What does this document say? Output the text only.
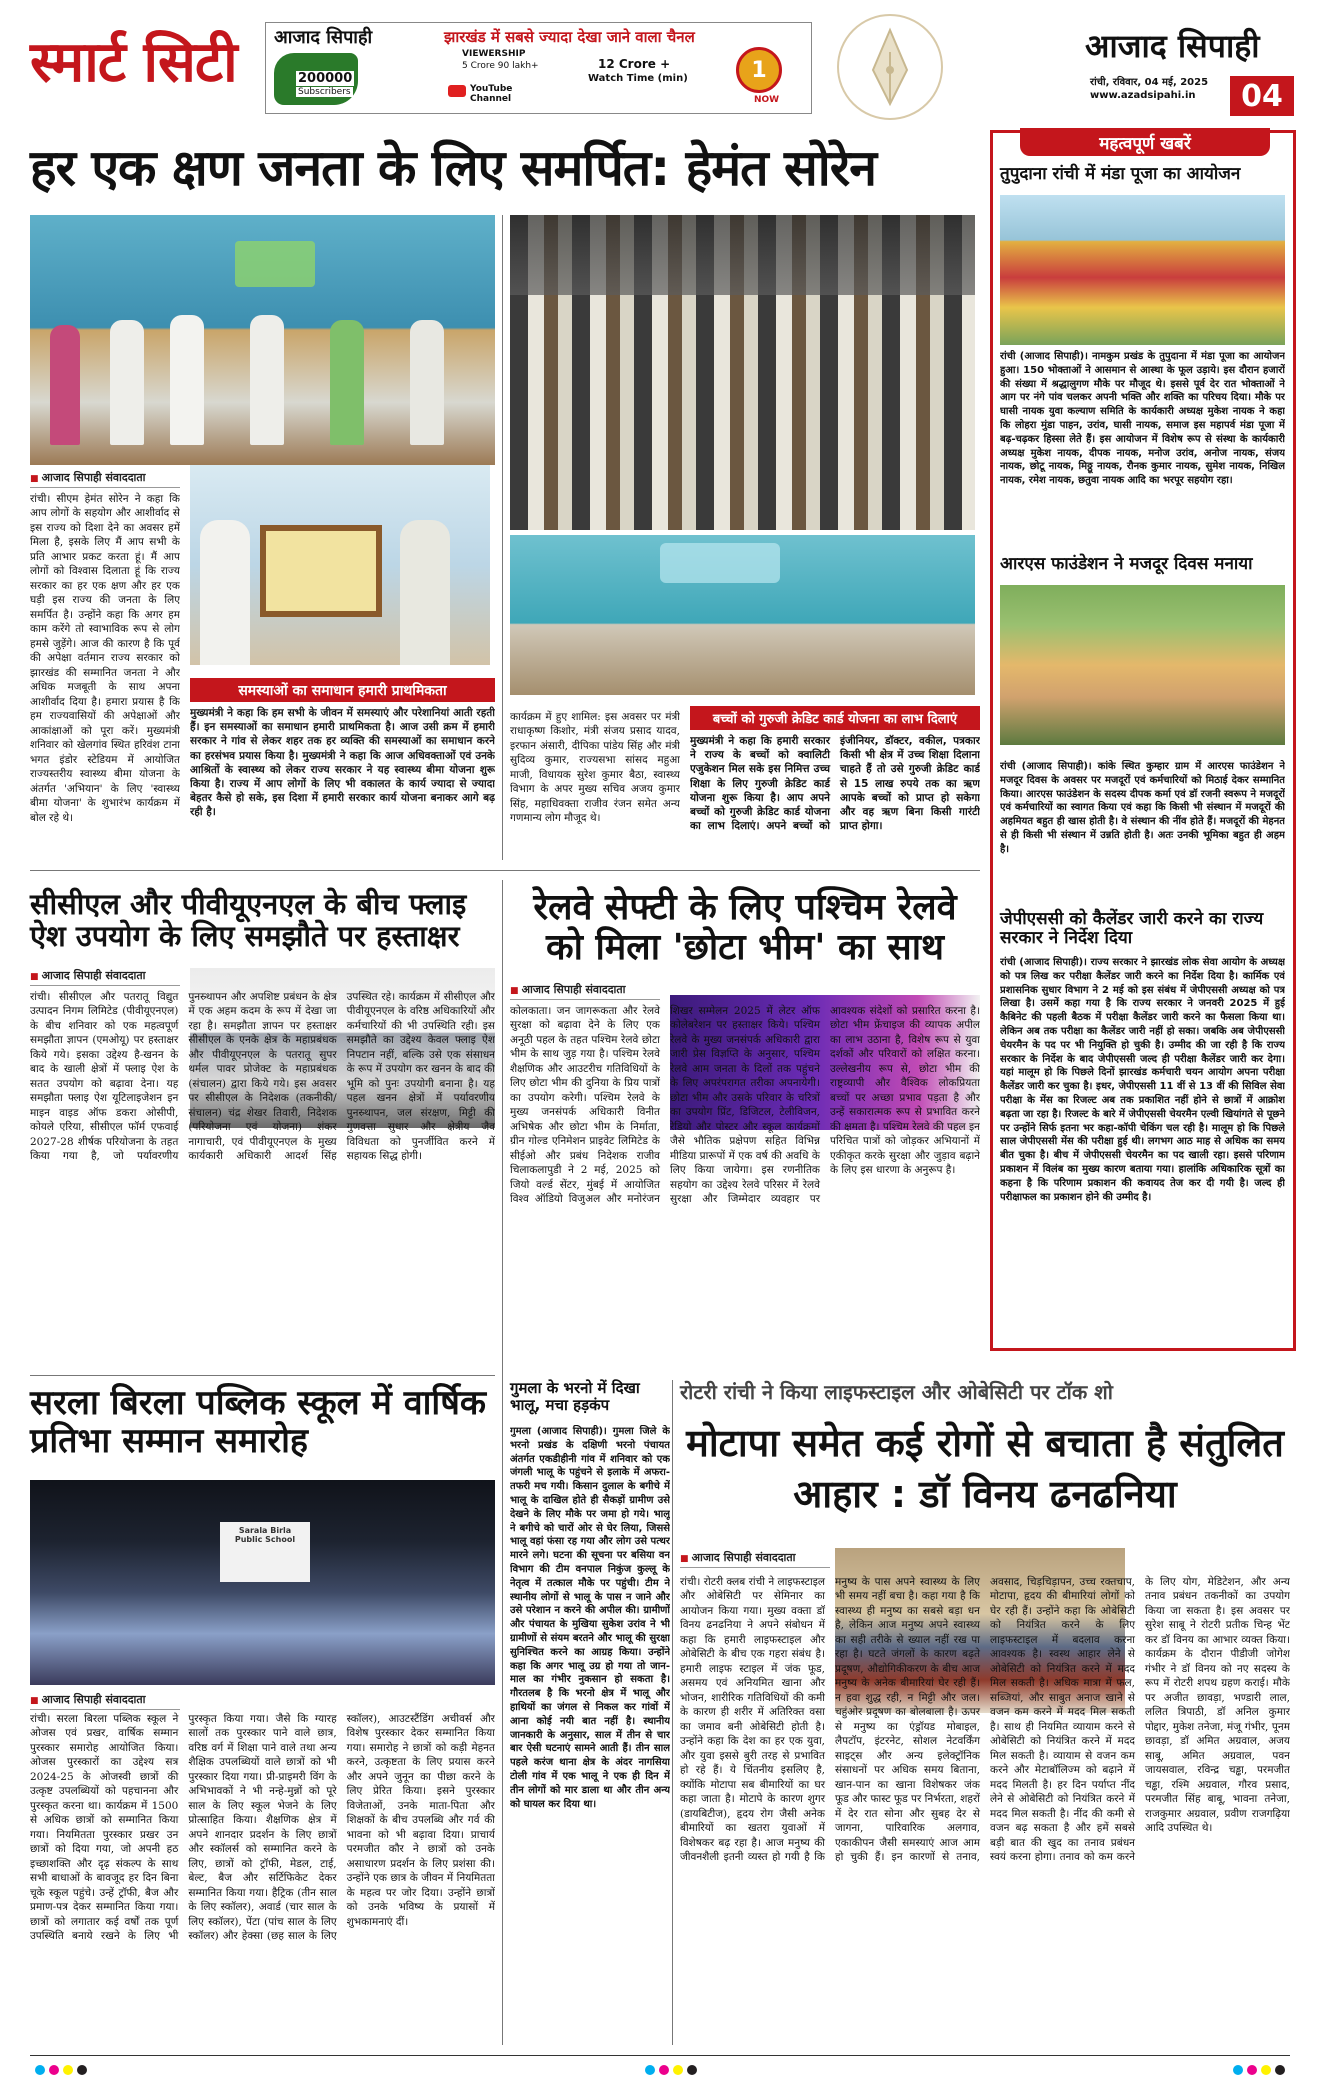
स्मार्ट सिटी आजाद सिपाही
200000
Subscribers
झारखंड में सबसे ज्यादा देखा जाने वाला चैनल
VIEWERSHIP
5 Crore 90 lakh+
YouTube Channel
12 Crore +
Watch Time (min)	1
NOW
आजाद सिपाही
रांची, रविवार, 04 मई, 2025
www.azadsipahi.in	04
हर एक क्षण जनता के लिए समर्पित: हेमंत सोरेन
■ आजाद सिपाही संवाददाता

रांची। सीएम हेमंत सोरेन ने कहा कि आप लोगों के सहयोग और आशीर्वाद से इस राज्य को दिशा देने का अवसर हमें मिला है, इसके लिए मैं आप सभी के प्रति आभार प्रकट करता हूं। मैं आप लोगों को विश्वास दिलाता हूं कि राज्य सरकार का हर एक क्षण और हर एक घड़ी इस राज्य की जनता के लिए समर्पित है। उन्होंने कहा कि अगर हम काम करेंगे तो स्वाभाविक रूप से लोग हमसे जुड़ेंगे। आज की कारण है कि पूर्व की अपेक्षा वर्तमान राज्य सरकार को झारखंड की सम्मानित जनता ने और अधिक मजबूती के साथ अपना आशीर्वाद दिया है। हमारा प्रयास है कि हम राज्यवासियों की अपेक्षाओं और आकांक्षाओं को पूरा करें। मुख्यमंत्री शनिवार को खेलगांव स्थित हरिवंश टाना भगत इंडोर स्टेडियम में आयोजित राज्यस्तरीय स्वास्थ्य बीमा योजना के अंतर्गत 'अभियान' के लिए 'स्वास्थ्य बीमा योजना' के शुभारंभ कार्यक्रम में बोल रहे थे।

समस्याओं का समाधान हमारी प्राथमिकता
मुख्यमंत्री ने कहा कि हम सभी के जीवन में समस्याएं और परेशानियां आती रहती हैं। इन समस्याओं का समाधान हमारी प्राथमिकता है। आज उसी क्रम में हमारी सरकार ने गांव से लेकर शहर तक हर व्यक्ति की समस्याओं का समाधान करने का हरसंभव प्रयास किया है। मुख्यमंत्री ने कहा कि आज अधिवक्ताओं एवं उनके आश्रितों के स्वास्थ्य को लेकर राज्य सरकार ने यह स्वास्थ्य बीमा योजना शुरू किया है। राज्य में आप लोगों के लिए भी वकालत के कार्य ज्यादा से ज्यादा बेहतर कैसे हो सके, इस दिशा में हमारी सरकार कार्य योजना बनाकर आगे बढ़ रही है।

कार्यक्रम में हुए शामिल: इस अवसर पर मंत्री राधाकृष्ण किशोर, मंत्री संजय प्रसाद यादव, इरफान अंसारी, दीपिका पांडेय सिंह और मंत्री सुदिव्य कुमार, राज्यसभा सांसद महुआ माजी, विधायक सुरेश कुमार बैठा, स्वास्थ्य विभाग के अपर मुख्य सचिव अजय कुमार सिंह, महाधिवक्ता राजीव रंजन समेत अन्य गणमान्य लोग मौजूद थे।

बच्चों को गुरुजी क्रेडिट कार्ड योजना का लाभ दिलाएं
मुख्यमंत्री ने कहा कि हमारी सरकार ने राज्य के बच्चों को क्वालिटी एजुकेशन मिल सके इस निमित्त उच्च शिक्षा के लिए गुरुजी क्रेडिट कार्ड योजना शुरू किया है। आप अपने बच्चों को गुरुजी क्रेडिट कार्ड योजना का लाभ दिलाएं। अपने बच्चों को इंजीनियर, डॉक्टर, वकील, पत्रकार किसी भी क्षेत्र में उच्च शिक्षा दिलाना चाहते हैं तो उसे गुरुजी क्रेडिट कार्ड से 15 लाख रुपये तक का ऋण आपके बच्चों को प्राप्त हो सकेगा और वह ऋण बिना किसी गारंटी प्राप्त होगा।
महत्वपूर्ण खबरें
तुपुदाना रांची में मंडा पूजा का आयोजन

रांची (आजाद सिपाही)। नामकुम प्रखंड के तुपुदाना में मंडा पूजा का आयोजन हुआ। 150 भोक्ताओं ने आसमान से आस्था के फूल उड़ाये। इस दौरान हजारों की संख्या में श्रद्धालुगण मौके पर मौजूद थे। इससे पूर्व देर रात भोक्ताओं ने आग पर नंगे पांव चलकर अपनी भक्ति और शक्ति का परिचय दिया। मौके पर घासी नायक युवा कल्याण समिति के कार्यकारी अध्यक्ष मुकेश नायक ने कहा कि लोहरा मुंडा पाहन, उरांव, घासी नायक, समाज इस महापर्व मंडा पूजा में बढ़-चढ़कर हिस्सा लेते हैं। इस आयोजन में विशेष रूप से संस्था के कार्यकारी अध्यक्ष मुकेश नायक, दीपक नायक, मनोज उरांव, अनोज नायक, संजय नायक, छोटू नायक, मिठ्ठू नायक, रौनक कुमार नायक, सुमेश नायक, निखिल नायक, रमेश नायक, छतुवा नायक आदि का भरपूर सहयोग रहा।

आरएस फाउंडेशन ने मजदूर दिवस मनाया

रांची (आजाद सिपाही)। कांके स्थित कुम्हार ग्राम में आरएस फाउंडेशन ने मजदूर दिवस के अवसर पर मजदूरों एवं कर्मचारियों को मिठाई देकर सम्मानित किया। आरएस फाउंडेशन के सदस्य दीपक कर्मा एवं डॉ रजनी स्वरूप ने मजदूरों एवं कर्मचारियों का स्वागत किया एवं कहा कि किसी भी संस्थान में मजदूरों की अहमियत बहुत ही खास होती है। वे संस्थान की नींव होते हैं। मजदूरों की मेहनत से ही किसी भी संस्थान में उन्नति होती है। अतः उनकी भूमिका बहुत ही अहम है।

जेपीएससी को कैलेंडर जारी करने का राज्य सरकार ने निर्देश दिया

रांची (आजाद सिपाही)। राज्य सरकार ने झारखंड लोक सेवा आयोग के अध्यक्ष को पत्र लिख कर परीक्षा कैलेंडर जारी करने का निर्देश दिया है। कार्मिक एवं प्रशासनिक सुधार विभाग ने 2 मई को इस संबंध में जेपीएससी अध्यक्ष को पत्र लिखा है। उसमें कहा गया है कि राज्य सरकार ने जनवरी 2025 में हुई कैबिनेट की पहली बैठक में परीक्षा कैलेंडर जारी करने का फैसला किया था। लेकिन अब तक परीक्षा का कैलेंडर जारी नहीं हो सका। जबकि अब जेपीएससी चेयरमैन के पद पर भी नियुक्ति हो चुकी है। उम्मीद की जा रही है कि राज्य सरकार के निर्देश के बाद जेपीएससी जल्द ही परीक्षा कैलेंडर जारी कर देगा। यहां मालूम हो कि पिछले दिनों झारखंड कर्मचारी चयन आयोग अपना परीक्षा कैलेंडर जारी कर चुका है। इधर, जेपीएससी 11 वीं से 13 वीं की सिविल सेवा परीक्षा के मेंस का रिजल्ट अब तक प्रकाशित नहीं होने से छात्रों में आक्रोश बढ़ता जा रहा है। रिजल्ट के बारे में जेपीएससी चेयरमैन एल्वी खियांगते से पूछने पर उन्होंने सिर्फ इतना भर कहा-कॉपी चेकिंग चल रही है। मालूम हो कि पिछले साल जेपीएससी मेंस की परीक्षा हुई थी। लगभग आठ माह से अधिक का समय बीत चुका है। बीच में जेपीएससी चेयरमैन का पद खाली रहा। इससे परिणाम प्रकाशन में विलंब का मुख्य कारण बताया गया। हालांकि अधिकारिक सूत्रों का कहना है कि परिणाम प्रकाशन की कवायद तेज कर दी गयी है। जल्द ही परीक्षाफल का प्रकाशन होने की उम्मीद है।

सीसीएल और पीवीयूएनएल के बीच फ्लाइ ऐश उपयोग के लिए समझौते पर हस्ताक्षर
■ आजाद सिपाही संवाददाता

रांची। सीसीएल और पतरातू विद्युत उत्पादन निगम लिमिटेड (पीवीयूएनएल) के बीच शनिवार को एक महत्वपूर्ण समझौता ज्ञापन (एमओयू) पर हस्ताक्षर किये गये। इसका उद्देश्य है-खनन के बाद के खाली क्षेत्रों में फ्लाइ ऐश के सतत उपयोग को बढ़ावा देना। यह समझौता फ्लाइ ऐश यूटिलाइजेशन इन माइन वाइड ऑफ डकरा ओसीपी, कोयले एरिया, सीसीएल फॉर्म एफवाई 2027-28 शीर्षक परियोजना के तहत किया गया है, जो पर्यावरणीय पुनस्र्थापन और अपशिष्ट प्रबंधन के क्षेत्र में एक अहम कदम के रूप में देखा जा रहा है। समझौता ज्ञापन पर हस्ताक्षर सीसीएल के एनके क्षेत्र के महाप्रबंधक और पीवीयूएनएल के पतरातू सुपर थर्मल पावर प्रोजेक्ट के महाप्रबंधक (संचालन) द्वारा किये गये। इस अवसर पर सीसीएल के निदेशक (तकनीकी/संचालन) चंद्र शेखर तिवारी, निदेशक (परियोजना एवं योजना) शंकर नागाचारी, एवं पीवीयूएनएल के मुख्य कार्यकारी अधिकारी आदर्श सिंह उपस्थित रहे। कार्यक्रम में सीसीएल और पीवीयूएनएल के वरिष्ठ अधिकारियों और कर्मचारियों की भी उपस्थिति रही। इस समझौते का उद्देश्य केवल फ्लाइ ऐश निपटान नहीं, बल्कि उसे एक संसाधन के रूप में उपयोग कर खनन के बाद की भूमि को पुनः उपयोगी बनाना है। यह पहल खनन क्षेत्रों में पर्यावरणीय पुनस्र्थापन, जल संरक्षण, मिट्टी की गुणवत्ता सुधार और क्षेत्रीय जैव विविधता को पुनर्जीवित करने में सहायक सिद्ध होगी।

रेलवे सेफ्टी के लिए पश्चिम रेलवे को मिला 'छोटा भीम' का साथ
■ आजाद सिपाही संवाददाता

कोलकाता। जन जागरूकता और रेलवे सुरक्षा को बढ़ावा देने के लिए एक अनूठी पहल के तहत पश्चिम रेलवे छोटा भीम के साथ जुड़ गया है। पश्चिम रेलवे शैक्षणिक और आउटरीच गतिविधियों के लिए छोटा भीम की दुनिया के प्रिय पात्रों का उपयोग करेगी। पश्चिम रेलवे के मुख्य जनसंपर्क अधिकारी विनीत अभिषेक और छोटा भीम के निर्माता, ग्रीन गोल्ड एनिमेशन प्राइवेट लिमिटेड के सीईओ और प्रबंध निदेशक राजीव चिलाकलापुडी ने 2 मई, 2025 को जियो वर्ल्ड सेंटर, मुंबई में आयोजित विश्व ऑडियो विजुअल और मनोरंजन शिखर सम्मेलन 2025 में लेटर ऑफ कोलेबरेशन पर हस्ताक्षर किये। पश्चिम रेलवे के मुख्य जनसंपर्क अधिकारी द्वारा जारी प्रेस विज्ञप्ति के अनुसार, पश्चिम रेलवे आम जनता के दिलों तक पहुंचने के लिए अपरंपरागत तरीका अपनायेगी। छोटा भीम और उसके परिवार के चरित्रों का उपयोग प्रिंट, डिजिटल, टेलीविजन, रेडियो और पोस्टर और स्कूल कार्यक्रमों जैसे भौतिक प्रक्षेपण सहित विभिन्न मीडिया प्रारूपों में एक वर्ष की अवधि के लिए किया जायेगा। इस रणनीतिक सहयोग का उद्देश्य रेलवे परिसर में रेलवे सुरक्षा और जिम्मेदार व्यवहार पर आवश्यक संदेशों को प्रसारित करना है। छोटा भीम फ्रेंचाइज की व्यापक अपील का लाभ उठाना है, विशेष रूप से युवा दर्शकों और परिवारों को लक्षित करना। उल्लेखनीय रूप से, छोटा भीम की राष्ट्रव्यापी और वैश्विक लोकप्रियता बच्चों पर अच्छा प्रभाव पड़ता है और उन्हें सकारात्मक रूप से प्रभावित करने की क्षमता है। पश्चिम रेलवे की पहल इन परिचित पात्रों को जोड़कर अभियानों में एकीकृत करके सुरक्षा और जुड़ाव बढ़ाने के लिए इस धारणा के अनुरूप है।

सरला बिरला पब्लिक स्कूल में वार्षिक प्रतिभा सम्मान समारोह
Sarala Birla Public School
■ आजाद सिपाही संवाददाता

रांची। सरला बिरला पब्लिक स्कूल ने ओजस एवं प्रखर, वार्षिक सम्मान पुरस्कार समारोह आयोजित किया। ओजस पुरस्कारों का उद्देश्य सत्र 2024-25 के ओजस्वी छात्रों की उत्कृष्ट उपलब्धियों को पहचानना और पुरस्कृत करना था। कार्यक्रम में 1500 से अधिक छात्रों को सम्मानित किया गया। नियमितता पुरस्कार प्रखर उन छात्रों को दिया गया, जो अपनी हठ इच्छाशक्ति और दृढ़ संकल्प के साथ सभी बाधाओं के बावजूद हर दिन बिना चूके स्कूल पहुंचे। उन्हें ट्रॉफी, बैज और प्रमाण-पत्र देकर सम्मानित किया गया। छात्रों को लगातार कई वर्षों तक पूर्ण उपस्थिति बनाये रखने के लिए भी पुरस्कृत किया गया। जैसे कि ग्यारह सालों तक पुरस्कार पाने वाले छात्र, वरिष्ठ वर्ग में शिक्षा पाने वाले तथा अन्य शैक्षिक उपलब्धियों वाले छात्रों को भी पुरस्कार दिया गया। प्री-प्राइमरी विंग के अभिभावकों ने भी नन्हे-मुन्नों को पूरे साल के लिए स्कूल भेजने के लिए प्रोत्साहित किया। शैक्षणिक क्षेत्र में अपने शानदार प्रदर्शन के लिए छात्रों और स्कॉलर्स को सम्मानित करने के लिए, छात्रों को ट्रॉफी, मेडल, टाई, बेल्ट, बैज और सर्टिफिकेट देकर सम्मानित किया गया। हैट्रिक (तीन साल के लिए स्कॉलर), अवार्ड (चार साल के लिए स्कॉलर), पेंटा (पांच साल के लिए स्कॉलर) और हेक्सा (छह साल के लिए स्कॉलर), आउटस्टैंडिंग अचीवर्स और विशेष पुरस्कार देकर सम्मानित किया गया। समारोह ने छात्रों को कड़ी मेहनत करने, उत्कृष्टता के लिए प्रयास करने और अपने जुनून का पीछा करने के लिए प्रेरित किया। इसने पुरस्कार विजेताओं, उनके माता-पिता और शिक्षकों के बीच उपलब्धि और गर्व की भावना को भी बढ़ावा दिया। प्राचार्य परमजीत कौर ने छात्रों को उनके असाधारण प्रदर्शन के लिए प्रशंसा की। उन्होंने एक छात्र के जीवन में नियमितता के महत्व पर जोर दिया। उन्होंने छात्रों को उनके भविष्य के प्रयासों में शुभकामनाएं दीं।

गुमला के भरनो में दिखा भालू, मचा हड़कंप

गुमला (आजाद सिपाही)। गुमला जिले के भरनो प्रखंड के दक्षिणी भरनो पंचायत अंतर्गत एकडीहीनी गांव में शनिवार को एक जंगली भालू के पहुंचने से इलाके में अफरा-तफरी मच गयी। किसान दुलाल के बगीचे में भालू के दाखिल होते ही सैकड़ों ग्रामीण उसे देखने के लिए मौके पर जमा हो गये। भालू ने बगीचे को चारों ओर से घेर लिया, जिससे भालू वहां फंसा रह गया और लोग उसे पत्थर मारने लगे। घटना की सूचना पर बसिया वन विभाग की टीम वनपाल निकुंज कुल्लू के नेतृत्व में तत्काल मौके पर पहुंची। टीम ने स्थानीय लोगों से भालू के पास न जाने और उसे परेशान न करने की अपील की। ग्रामीणों और पंचायत के मुखिया सुकेश उरांव ने भी ग्रामीणों से संयम बरतने और भालू की सुरक्षा सुनिश्चित करने का आग्रह किया। उन्होंने कहा कि अगर भालू उग्र हो गया तो जान-माल का गंभीर नुकसान हो सकता है। गौरतलब है कि भरनो क्षेत्र में भालू और हाथियों का जंगल से निकल कर गांवों में आना कोई नयी बात नहीं है। स्थानीय जानकारी के अनुसार, साल में तीन से चार बार ऐसी घटनाएं सामने आती हैं। तीन साल पहले करंज थाना क्षेत्र के अंदर नागसिया टोली गांव में एक भालू ने एक ही दिन में तीन लोगों को मार डाला था और तीन अन्य को घायल कर दिया था।

रोटरी रांची ने किया लाइफस्टाइल और ओबेसिटी पर टॉक शो
मोटापा समेत कई रोगों से बचाता है संतुलित आहार : डॉ विनय ढनढनिया
■ आजाद सिपाही संवाददाता

रांची। रोटरी क्लब रांची ने लाइफस्टाइल और ओबेसिटी पर सेमिनार का आयोजन किया गया। मुख्य वक्ता डॉ विनय ढनढनिया ने अपने संबोधन में कहा कि हमारी लाइफस्टाइल और ओबेसिटी के बीच एक गहरा संबंध है। हमारी लाइफ स्टाइल में जंक फूड, असमय एवं अनियमित खाना और भोजन, शारीरिक गतिविधियों की कमी के कारण ही शरीर में अतिरिक्त वसा का जमाव बनी ओबेसिटी होती है। उन्होंने कहा कि देश का हर एक युवा, और युवा इससे बुरी तरह से प्रभावित हो रहे हैं। ये चिंतनीय इसलिए है, क्योंकि मोटापा सब बीमारियों का घर कहा जाता है। मोटापे के कारण शुगर (डायबिटीज), हृदय रोग जैसी अनेक बीमारियों का खतरा युवाओं में विशेषकर बढ़ रहा है। आज मनुष्य की जीवनशैली इतनी व्यस्त हो गयी है कि मनुष्य के पास अपने स्वास्थ्य के लिए भी समय नहीं बचा है। कहा गया है कि स्वास्थ्य ही मनुष्य का सबसे बड़ा धन है, लेकिन आज मनुष्य अपने स्वास्थ्य का सही तरीके से ख्याल नहीं रख पा रहा है। घटते जंगलों के कारण बढ़ते प्रदूषण, औद्योगिकीकरण के बीच आज मनुष्य के अनेक बीमारियां घेर रही हैं। न हवा शुद्ध रही, न मिट्टी और जल। चहुंओर प्रदूषण का बोलबाला है। ऊपर से मनुष्य का एंड्रॉयड मोबाइल, लैपटॉप, इंटरनेट, सोशल नेटवर्किंग साइट्स और अन्य इलेक्ट्रॉनिक संसाधनों पर अधिक समय बिताना, खान-पान का खाना विशेषकर जंक फूड और फास्ट फूड पर निर्भरता, शहरों में देर रात सोना और सुबह देर से जागना, पारिवारिक अलगाव, एकाकीपन जैसी समस्याएं आज आम हो चुकी हैं। इन कारणों से तनाव, अवसाद, चिड़चिड़ापन, उच्च रक्तचाप, मोटापा, हृदय की बीमारियां लोगों को घेर रही हैं। उन्होंने कहा कि ओबेसिटी को नियंत्रित करने के लिए लाइफस्टाइल में बदलाव करना आवश्यक है। स्वस्थ आहार लेने से ओबेसिटी को नियंत्रित करने में मदद मिल सकती है। अधिक मात्रा में फल, सब्जियां, और साबुत अनाज खाने से वजन कम करने में मदद मिल सकती है। साथ ही नियमित व्यायाम करने से ओबेसिटी को नियंत्रित करने में मदद मिल सकती है। व्यायाम से वजन कम करने और मेटाबॉलिज्म को बढ़ाने में मदद मिलती है। हर दिन पर्याप्त नींद लेने से ओबेसिटी को नियंत्रित करने में मदद मिल सकती है। नींद की कमी से वजन बढ़ सकता है और हमें सबसे बड़ी बात की खुद का तनाव प्रबंधन स्वयं करना होगा। तनाव को कम करने के लिए योग, मेडिटेशन, और अन्य तनाव प्रबंधन तकनीकों का उपयोग किया जा सकता है। इस अवसर पर सुरेश साबू ने रोटरी प्रतीक चिन्ह भेंट कर डॉ विनय का आभार व्यक्त किया। कार्यक्रम के दौरान पीडीजी जोगेश गंभीर ने डॉ विनय को नए सदस्य के रूप में रोटरी शपथ ग्रहण कराई। मौके पर अजीत छावड़ा, भण्डारी लाल, ललित त्रिपाठी, डॉ अनिल कुमार पोद्दार, मुकेश तनेजा, मंजू गंभीर, पूनम छावड़ा, डॉ अमित अग्रवाल, अजय साबू, अमित अग्रवाल, पवन जायसवाल, रविन्द्र चड्ढा, परमजीत चड्ढा, रश्मि अग्रवाल, गौरव प्रसाद, परमजीत सिंह बाबू, भावना तनेजा, राजकुमार अग्रवाल, प्रवीण राजगढ़िया आदि उपस्थित थे।
